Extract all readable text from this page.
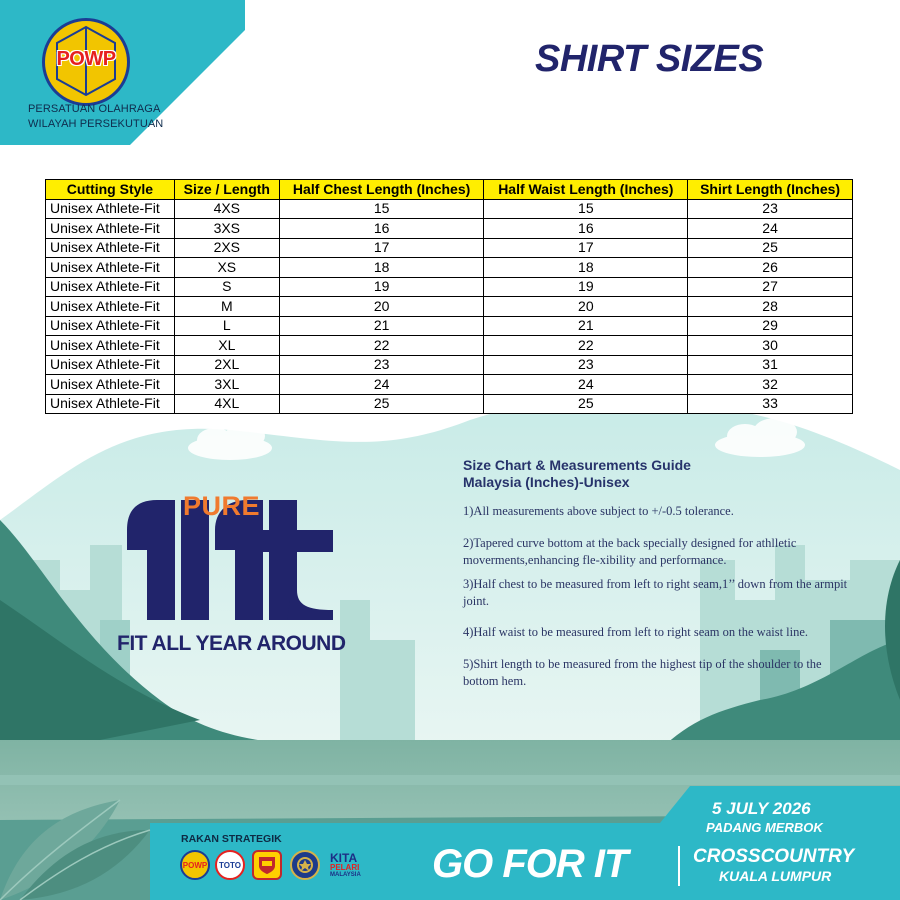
POWP
PERSATUAN OLAHRAGA
WILAYAH PERSEKUTUAN
SHIRT SIZES
Cutting Style	Size / Length	Half Chest Length (Inches)	Half Waist Length (Inches)	Shirt Length (Inches)
Unisex Athlete-Fit	4XS	15	15	23
Unisex Athlete-Fit	3XS	16	16	24
Unisex Athlete-Fit	2XS	17	17	25
Unisex Athlete-Fit	XS	18	18	26
Unisex Athlete-Fit	S	19	19	27
Unisex Athlete-Fit	M	20	20	28
Unisex Athlete-Fit	L	21	21	29
Unisex Athlete-Fit	XL	22	22	30
Unisex Athlete-Fit	2XL	23	23	31
Unisex Athlete-Fit	3XL	24	24	32
Unisex Athlete-Fit	4XL	25	25	33
PURE
FIT ALL YEAR AROUND
Size Chart & Measurements Guide
Malaysia (Inches)-Unisex
1)All measurements above subject to +/-0.5 tolerance.
2)Tapered curve bottom at the back specially designed for athlletic moverments,enhancing fle-xibility and performance.
3)Half chest to be measured from left to right seam,1’’ down from the armpit joint.
4)Half waist to be measured from left to right seam on the waist line.
5)Shirt length to be measured from the highest tip of the shoulder to the bottom hem.
RAKAN STRATEGIK
POWP	TOTO	KITA
PELARI
MALAYSIA GO FOR IT
5 JULY 2026
PADANG MERBOK
CROSSCOUNTRY
KUALA LUMPUR
